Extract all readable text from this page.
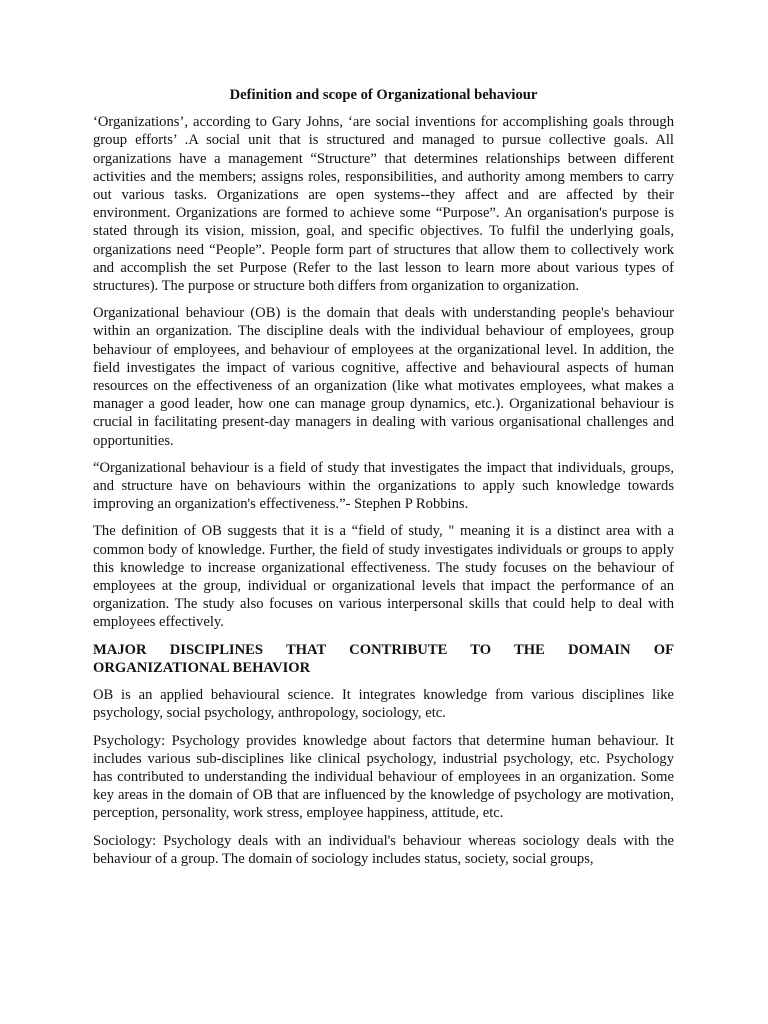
Definition and scope of Organizational behaviour

‘Organizations’, according to Gary Johns, ‘are social inventions for accomplishing goals through group efforts’ .A social unit that is structured and managed to pursue collective goals. All organizations have a management “Structure” that determines relationships between different activities and the members; assigns roles, responsibilities, and authority among members to carry out various tasks. Organizations are open systems--they affect and are affected by their environment. Organizations are formed to achieve some “Purpose”. An organisation's purpose is stated through its vision, mission, goal, and specific objectives. To fulfil the underlying goals, organizations need “People”. People form part of structures that allow them to collectively work and accomplish the set Purpose (Refer to the last lesson to learn more about various types of structures). The purpose or structure both differs from organization to organization.

Organizational behaviour (OB) is the domain that deals with understanding people's behaviour within an organization. The discipline deals with the individual behaviour of employees, group behaviour of employees, and behaviour of employees at the organizational level. In addition, the field investigates the impact of various cognitive, affective and behavioural aspects of human resources on the effectiveness of an organization (like what motivates employees, what makes a manager a good leader, how one can manage group dynamics, etc.). Organizational behaviour is crucial in facilitating present-day managers in dealing with various organisational challenges and opportunities.

“Organizational behaviour is a field of study that investigates the impact that individuals, groups, and structure have on behaviours within the organizations to apply such knowledge towards improving an organization's effectiveness.”- Stephen P Robbins.

The definition of OB suggests that it is a “field of study, " meaning it is a distinct area with a common body of knowledge. Further, the field of study investigates individuals or groups to apply this knowledge to increase organizational effectiveness. The study focuses on the behaviour of employees at the group, individual or organizational levels that impact the performance of an organization. The study also focuses on various interpersonal skills that could help to deal with employees effectively.

MAJOR DISCIPLINES THAT CONTRIBUTE TO THE DOMAIN OF
ORGANIZATIONAL BEHAVIOR

OB is an applied behavioural science. It integrates knowledge from various disciplines like psychology, social psychology, anthropology, sociology, etc.

Psychology: Psychology provides knowledge about factors that determine human behaviour. It includes various sub-disciplines like clinical psychology, industrial psychology, etc. Psychology has contributed to understanding the individual behaviour of employees in an organization. Some key areas in the domain of OB that are influenced by the knowledge of psychology are motivation, perception, personality, work stress, employee happiness, attitude, etc.

Sociology: Psychology deals with an individual's behaviour whereas sociology deals with the behaviour of a group. The domain of sociology includes status, society, social groups,
